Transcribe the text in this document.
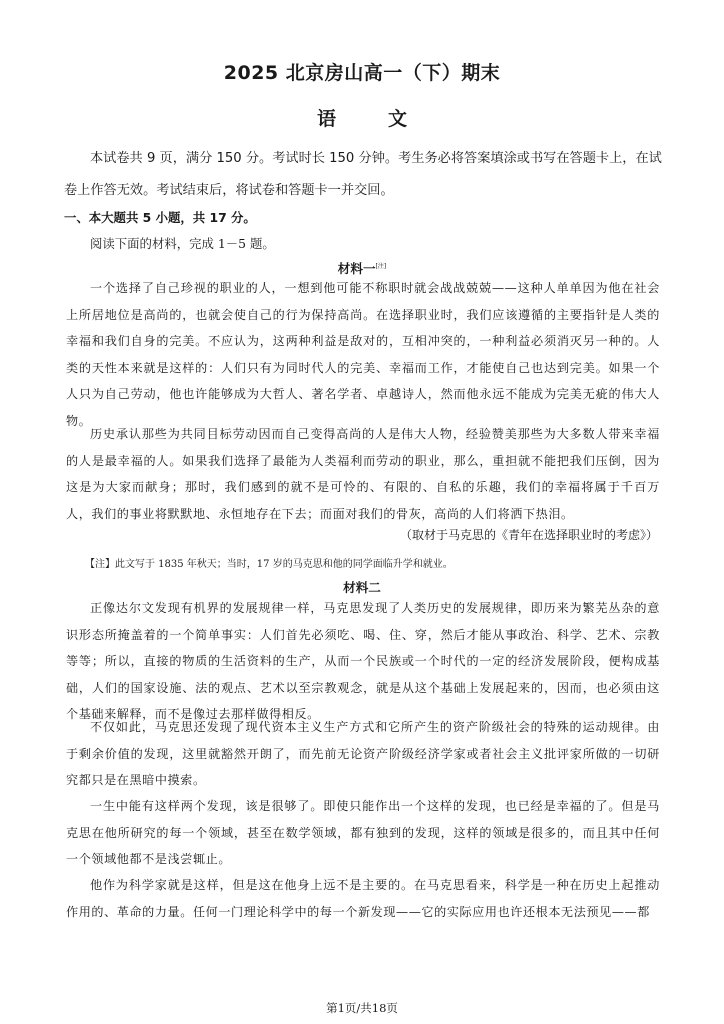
2025 北京房山高一（下）期末
语	文

本试卷共 9 页，满分 150 分。考试时长 150 分钟。考生务必将答案填涂或书写在答题卡上，在试卷上作答无效。考试结束后，将试卷和答题卡一并交回。

一、本大题共 5 小题，共 17 分。

阅读下面的材料，完成 1－5 题。

材料一[注]

一个选择了自己珍视的职业的人，一想到他可能不称职时就会战战兢兢——这种人单单因为他在社会上所居地位是高尚的，也就会使自己的行为保持高尚。在选择职业时，我们应该遵循的主要指针是人类的幸福和我们自身的完美。不应认为，这两种利益是敌对的，互相冲突的，一种利益必须消灭另一种的。人类的天性本来就是这样的：人们只有为同时代人的完美、幸福而工作，才能使自己也达到完美。如果一个人只为自己劳动，他也许能够成为大哲人、著名学者、卓越诗人，然而他永远不能成为完美无疵的伟大人物。

历史承认那些为共同目标劳动因而自己变得高尚的人是伟大人物，经验赞美那些为大多数人带来幸福的人是最幸福的人。如果我们选择了最能为人类福利而劳动的职业，那么，重担就不能把我们压倒，因为这是为大家而献身；那时，我们感到的就不是可怜的、有限的、自私的乐趣，我们的幸福将属于千百万人，我们的事业将默默地、永恒地存在下去；而面对我们的骨灰，高尚的人们将洒下热泪。

（取材于马克思的《青年在选择职业时的考虑》）

【注】此文写于 1835 年秋天；当时，17 岁的马克思和他的同学面临升学和就业。

材料二

正像达尔文发现有机界的发展规律一样，马克思发现了人类历史的发展规律，即历来为繁芜丛杂的意识形态所掩盖着的一个简单事实：人们首先必须吃、喝、住、穿，然后才能从事政治、科学、艺术、宗教等等；所以，直接的物质的生活资料的生产，从而一个民族或一个时代的一定的经济发展阶段，便构成基础，人们的国家设施、法的观点、艺术以至宗教观念，就是从这个基础上发展起来的，因而，也必须由这个基础来解释，而不是像过去那样做得相反。

不仅如此，马克思还发现了现代资本主义生产方式和它所产生的资产阶级社会的特殊的运动规律。由于剩余价值的发现，这里就豁然开朗了，而先前无论资产阶级经济学家或者社会主义批评家所做的一切研究都只是在黑暗中摸索。

一生中能有这样两个发现，该是很够了。即使只能作出一个这样的发现，也已经是幸福的了。但是马克思在他所研究的每一个领域，甚至在数学领域，都有独到的发现，这样的领域是很多的，而且其中任何一个领域他都不是浅尝辄止。

他作为科学家就是这样，但是这在他身上远不是主要的。在马克思看来，科学是一种在历史上起推动作用的、革命的力量。任何一门理论科学中的每一个新发现——它的实际应用也许还根本无法预见——都

第1页/共18页
